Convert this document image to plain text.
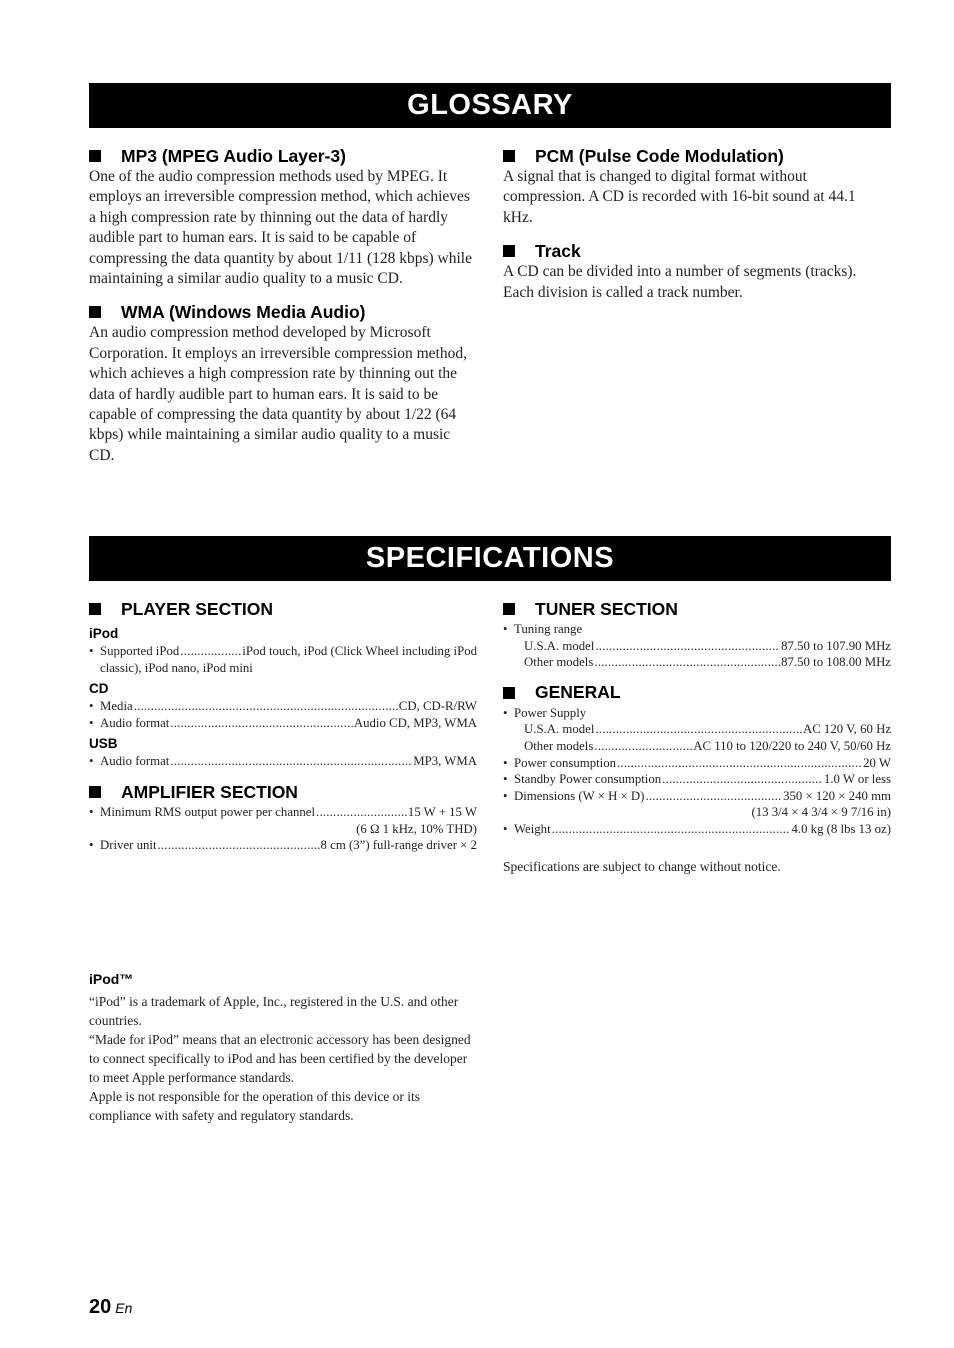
GLOSSARY
MP3 (MPEG Audio Layer-3)

One of the audio compression methods used by MPEG. It employs an irreversible compression method, which achieves a high compression rate by thinning out the data of hardly audible part to human ears. It is said to be capable of compressing the data quantity by about 1/11 (128 kbps) while maintaining a similar audio quality to a music CD.

WMA (Windows Media Audio)

An audio compression method developed by Microsoft Corporation. It employs an irreversible compression method, which achieves a high compression rate by thinning out the data of hardly audible part to human ears. It is said to be capable of compressing the data quantity by about 1/22 (64 kbps) while maintaining a similar audio quality to a music CD.

PCM (Pulse Code Modulation)

A signal that is changed to digital format without compression. A CD is recorded with 16-bit sound at 44.1 kHz.

Track

A CD can be divided into a number of segments (tracks). Each division is called a track number.

SPECIFICATIONS
PLAYER SECTION
iPod
• Supported iPod .....	iPod touch, iPod (Click Wheel including iPod
classic), iPod nano, iPod mini
CD
• Media .....	CD, CD-R/RW
• Audio format .....	Audio CD, MP3, WMA
USB
• Audio format .....	MP3, WMA
AMPLIFIER SECTION
• Minimum RMS output power per channel .....	15 W + 15 W
(6 Ω 1 kHz, 10% THD)
• Driver unit .....	8 cm (3”) full-range driver × 2
TUNER SECTION
• Tuning range
U.S.A. model .....	87.50 to 107.90 MHz
Other models .....	87.50 to 108.00 MHz
GENERAL
• Power Supply
U.S.A. model .....	AC 120 V, 60 Hz
Other models .....	AC 110 to 120/220 to 240 V, 50/60 Hz
• Power consumption .....	20 W
• Standby Power consumption .....	1.0 W or less
• Dimensions (W × H × D) .....	350 × 120 × 240 mm
(13 3/4 × 4 3/4 × 9 7/16 in)
• Weight .....	4.0 kg (8 lbs 13 oz)

Specifications are subject to change without notice.

iPod™

“iPod” is a trademark of Apple, Inc., registered in the U.S. and other countries.

“Made for iPod” means that an electronic accessory has been designed to connect specifically to iPod and has been certified by the developer to meet Apple performance standards.

Apple is not responsible for the operation of this device or its compliance with safety and regulatory standards.

20 En
